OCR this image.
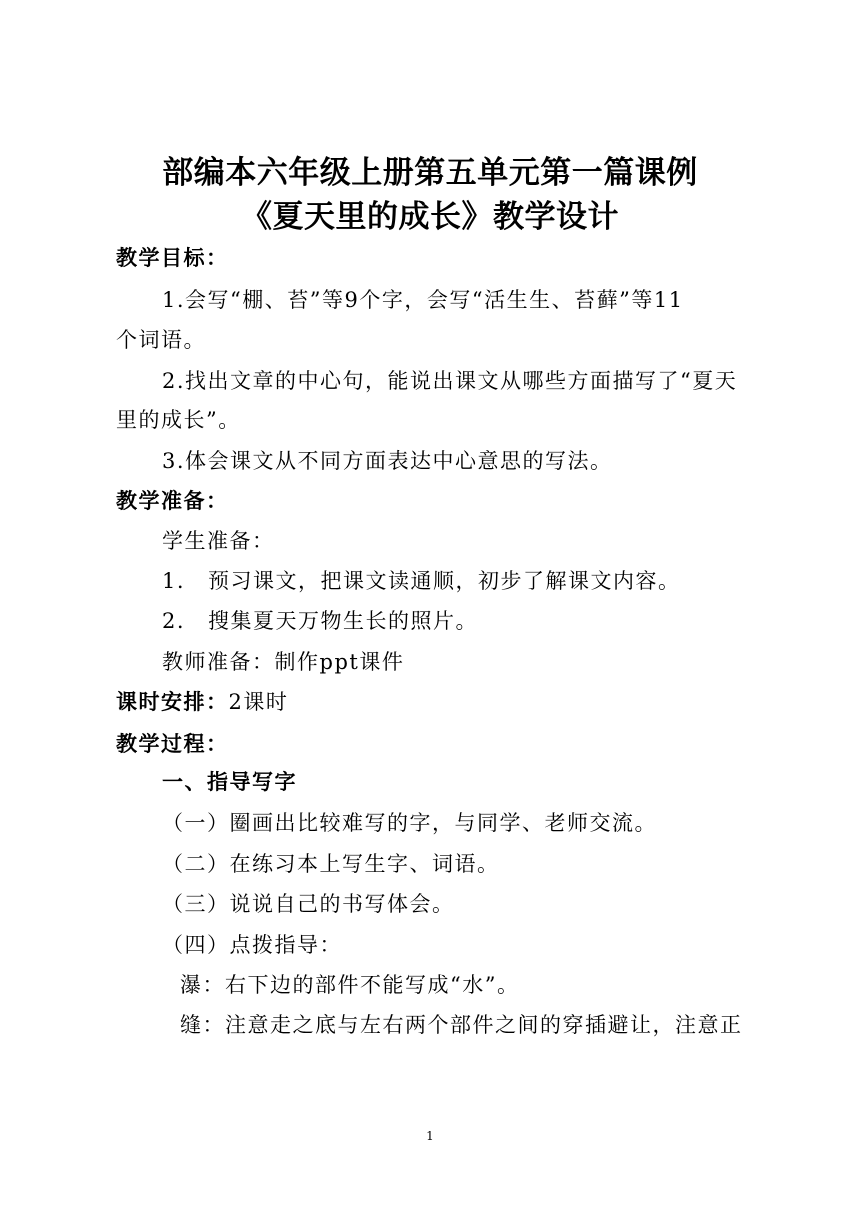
部编本六年级上册第五单元第一篇课例
《夏天里的成长》教学设计
教学目标：
1.会写“棚、苔”等9个字，会写“活生生、苔藓”等11
个词语。
2.找出文章的中心句，能说出课文从哪些方面描写了“夏天
里的成长”。
3.体会课文从不同方面表达中心意思的写法。
教学准备：
学生准备：
1. 预习课文，把课文读通顺，初步了解课文内容。
2. 搜集夏天万物生长的照片。
教师准备：制作ppt课件
课时安排：2课时
教学过程：
一、指导写字
（一）圈画出比较难写的字，与同学、老师交流。
（二）在练习本上写生字、词语。
（三）说说自己的书写体会。
（四）点拨指导：
瀑：右下边的部件不能写成“水”。
缝：注意走之底与左右两个部件之间的穿插避让，注意正
1
